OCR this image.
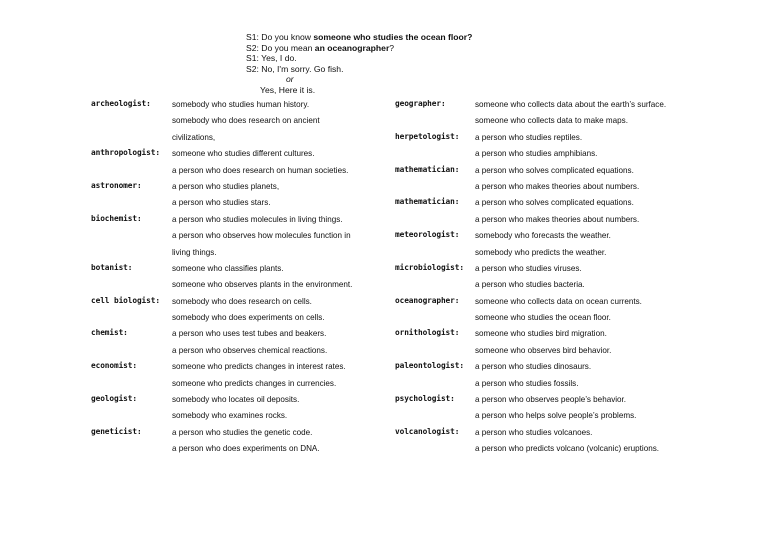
S1: Do you know someone who studies the ocean floor?
S2: Do you mean an oceanographer?
S1: Yes, I do.
S2: No, I'm sorry. Go fish.
or
Yes, Here it is.
archeologist:	somebody who studies human history.
somebody who does research on ancient
civilizations,
anthropologist: someone who studies different cultures.
a person who does research on human societies.
astronomer:	a person who studies planets,
a person who studies stars.
biochemist:	a person who studies molecules in living things.
a person who observes how molecules function in
living things.
botanist:	someone who classifies plants.
someone who observes plants in the environment.
cell biologist: somebody who does research on cells.
somebody who does experiments on cells.
chemist:	a person who uses test tubes and beakers.
a person who observes chemical reactions.
economist:	someone who predicts changes in interest rates.
someone who predicts changes in currencies.
geologist:	somebody who locates oil deposits.
somebody who examines rocks.
geneticist:	a person who studies the genetic code.
a person who does experiments on DNA.
geographer:	someone who collects data about the earth’s surface.
someone who collects data to make maps.
herpetologist: a person who studies reptiles.
a person who studies amphibians.
mathematician: a person who solves complicated equations.
a person who makes theories about numbers.
mathematician: a person who solves complicated equations.
a person who makes theories about numbers.
meteorologist: somebody who forecasts the weather.
somebody who predicts the weather.
microbiologist: a person who studies viruses.
a person who studies bacteria.
oceanographer: someone who collects data on ocean currents.
someone who studies the ocean floor.
ornithologist: someone who studies bird migration.
someone who observes bird behavior.
paleontologist: a person who studies dinosaurs.
a person who studies fossils.
psychologist:	a person who observes people’s behavior.
a person who helps solve people’s problems.
volcanologist: a person who studies volcanoes.
a person who predicts volcano (volcanic) eruptions.
